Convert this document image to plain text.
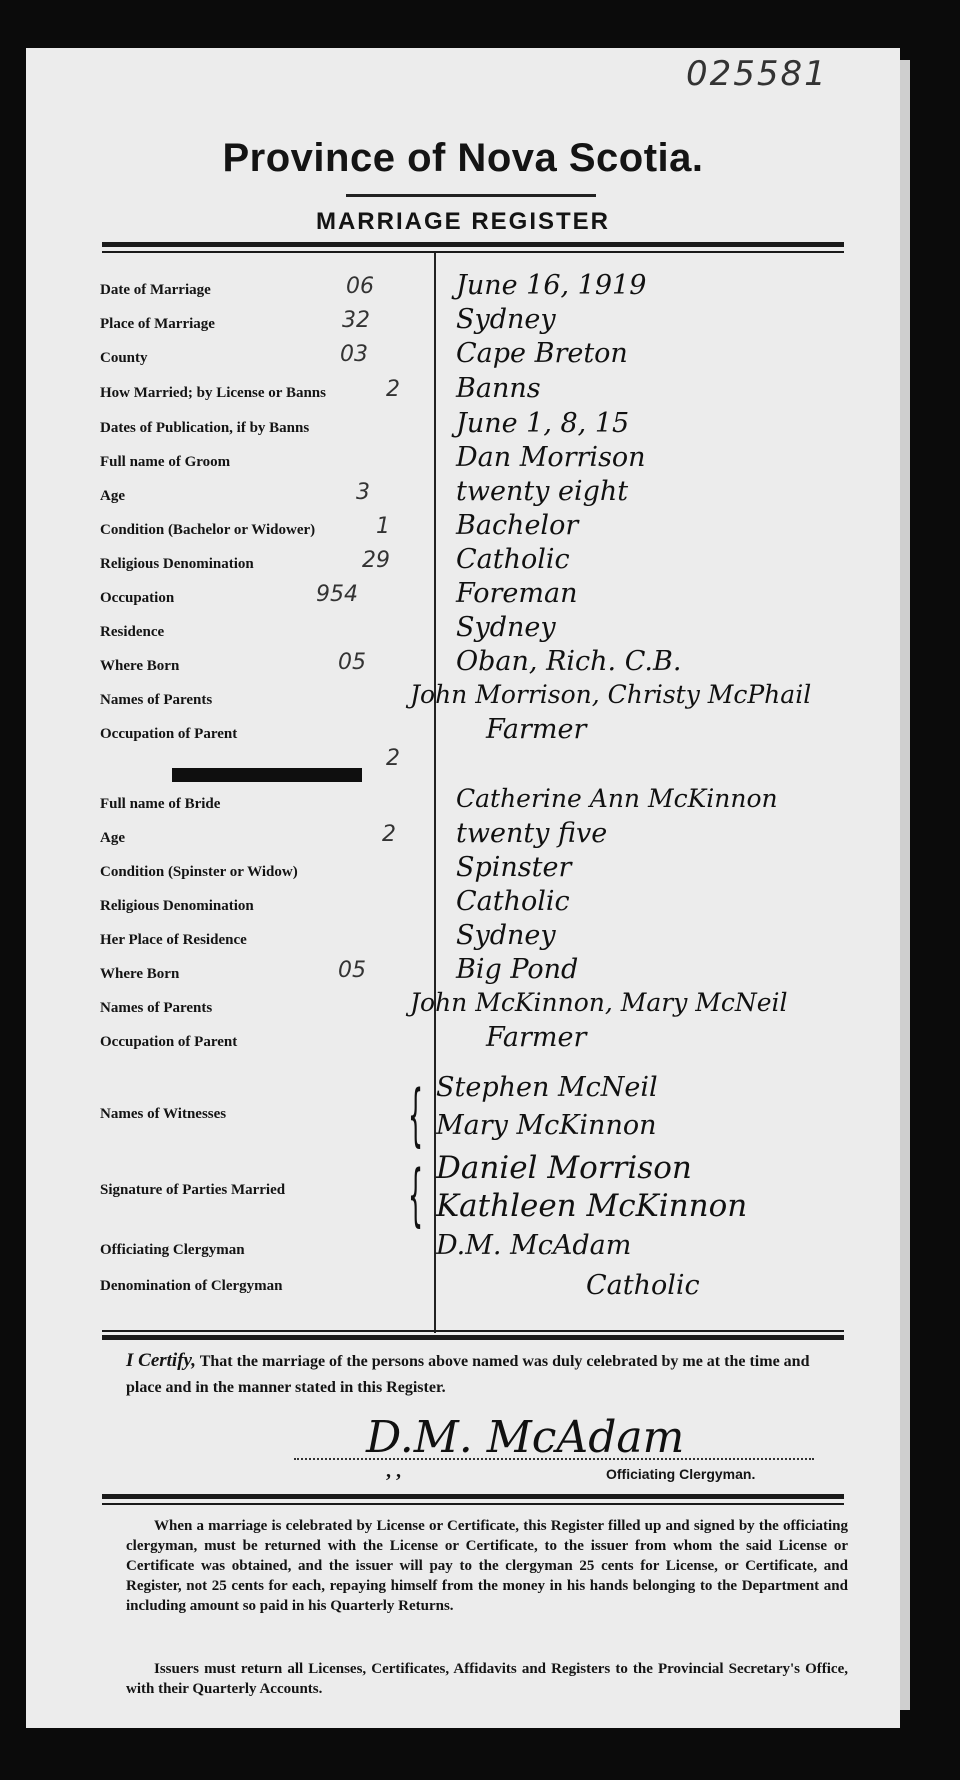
025581
Province of Nova Scotia.
MARRIAGE REGISTER
Date of Marriage	06	June 16, 1919
Place of Marriage	32	Sydney
County	03	Cape Breton
How Married; by License or Banns	2 Banns
Dates of Publication, if by Banns	June 1, 8, 15
Full name of Groom	Dan Morrison
Age	3	twenty eight
Condition (Bachelor or Widower)	1 Bachelor
Religious Denomination	29 Catholic
Occupation	954	Foreman
Residence	Sydney
Where Born	05	Oban, Rich. C.B.
Names of Parents	John Morrison, Christy McPhail
Occupation of Parent	Farmer
2
Full name of Bride	Catherine Ann McKinnon
Age	2 twenty five
Condition (Spinster or Widow)	Spinster
Religious Denomination	Catholic
Her Place of Residence	Sydney
Where Born	05	Big Pond
Names of Parents	John McKinnon, Mary McNeil
Occupation of Parent	Farmer
Names of Witnesses	{ Stephen McNeil
Mary McKinnon
Signature of Parties Married { Daniel Morrison
Kathleen McKinnon
Officiating Clergyman	D.M. McAdam
Denomination of Clergyman	Catholic
I Certify, That the marriage of the persons above named was duly celebrated by me at the time and place and in the manner stated in this Register.
D.M. McAdam
, ,	Officiating Clergyman.
When a marriage is celebrated by License or Certificate, this Register filled up and signed by the officiating clergyman, must be returned with the License or Certificate, to the issuer from whom the said License or Certificate was obtained, and the issuer will pay to the clergyman 25 cents for License, or Certificate, and Register, not 25 cents for each, repaying himself from the money in his hands belonging to the Department and including amount so paid in his Quarterly Returns.
Issuers must return all Licenses, Certificates, Affidavits and Registers to the Provincial Secretary's Office, with their Quarterly Accounts.
